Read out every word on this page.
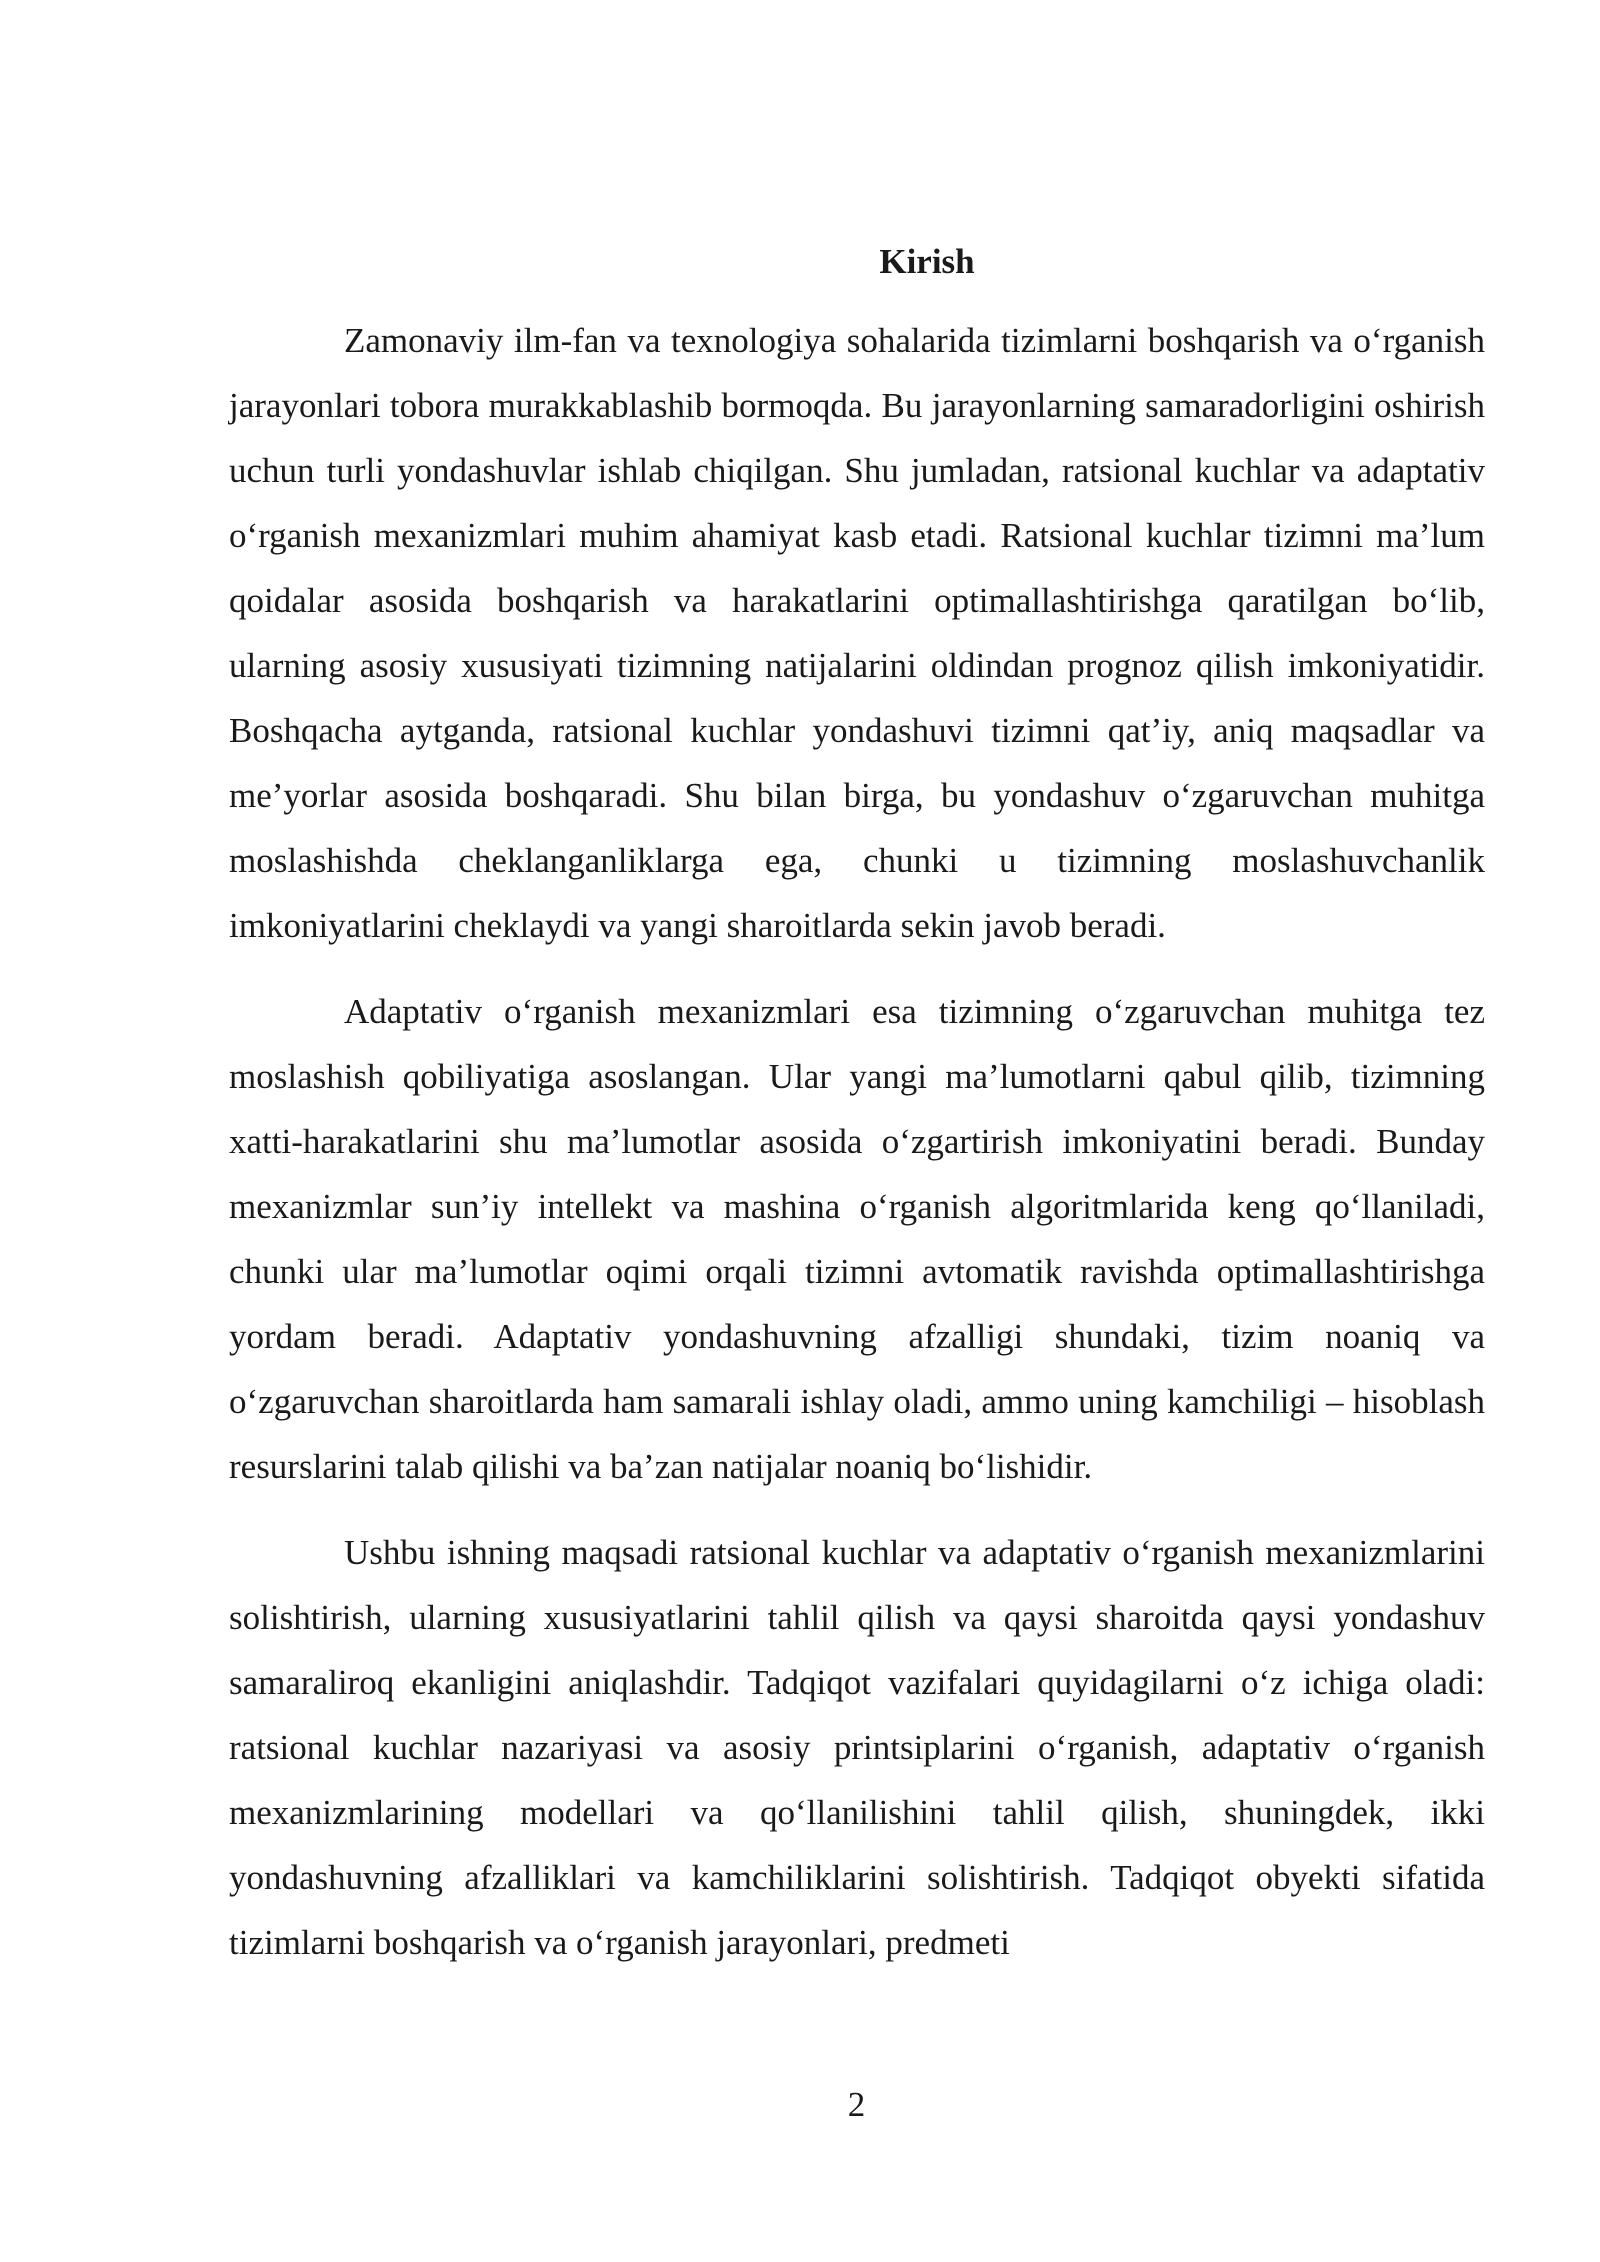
Kirish

Zamonaviy ilm-fan va texnologiya sohalarida tizimlarni boshqarish va o‘rganish jarayonlari tobora murakkablashib bormoqda. Bu jarayonlarning samaradorligini oshirish uchun turli yondashuvlar ishlab chiqilgan. Shu jumladan, ratsional kuchlar va adaptativ o‘rganish mexanizmlari muhim ahamiyat kasb etadi. Ratsional kuchlar tizimni ma’lum qoidalar asosida boshqarish va harakatlarini optimallashtirishga qaratilgan bo‘lib, ularning asosiy xususiyati tizimning natijalarini oldindan prognoz qilish imkoniyatidir. Boshqacha aytganda, ratsional kuchlar yondashuvi tizimni qat’iy, aniq maqsadlar va me’yorlar asosida boshqaradi. Shu bilan birga, bu yondashuv o‘zgaruvchan muhitga moslashishda cheklanganliklarga ega, chunki u tizimning moslashuvchanlik imkoniyatlarini cheklaydi va yangi sharoitlarda sekin javob beradi.

Adaptativ o‘rganish mexanizmlari esa tizimning o‘zgaruvchan muhitga tez moslashish qobiliyatiga asoslangan. Ular yangi ma’lumotlarni qabul qilib, tizimning xatti-harakatlarini shu ma’lumotlar asosida o‘zgartirish imkoniyatini beradi. Bunday mexanizmlar sun’iy intellekt va mashina o‘rganish algoritmlarida keng qo‘llaniladi, chunki ular ma’lumotlar oqimi orqali tizimni avtomatik ravishda optimallashtirishga yordam beradi. Adaptativ yondashuvning afzalligi shundaki, tizim noaniq va o‘zgaruvchan sharoitlarda ham samarali ishlay oladi, ammo uning kamchiligi – hisoblash resurslarini talab qilishi va ba’zan natijalar noaniq bo‘lishidir.

Ushbu ishning maqsadi ratsional kuchlar va adaptativ o‘rganish mexanizmlarini solishtirish, ularning xususiyatlarini tahlil qilish va qaysi sharoitda qaysi yondashuv samaraliroq ekanligini aniqlashdir. Tadqiqot vazifalari quyidagilarni o‘z ichiga oladi: ratsional kuchlar nazariyasi va asosiy printsiplarini o‘rganish, adaptativ o‘rganish mexanizmlarining modellari va qo‘llanilishini tahlil qilish, shuningdek, ikki yondashuvning afzalliklari va kamchiliklarini solishtirish. Tadqiqot obyekti sifatida tizimlarni boshqarish va o‘rganish jarayonlari, predmeti

2
